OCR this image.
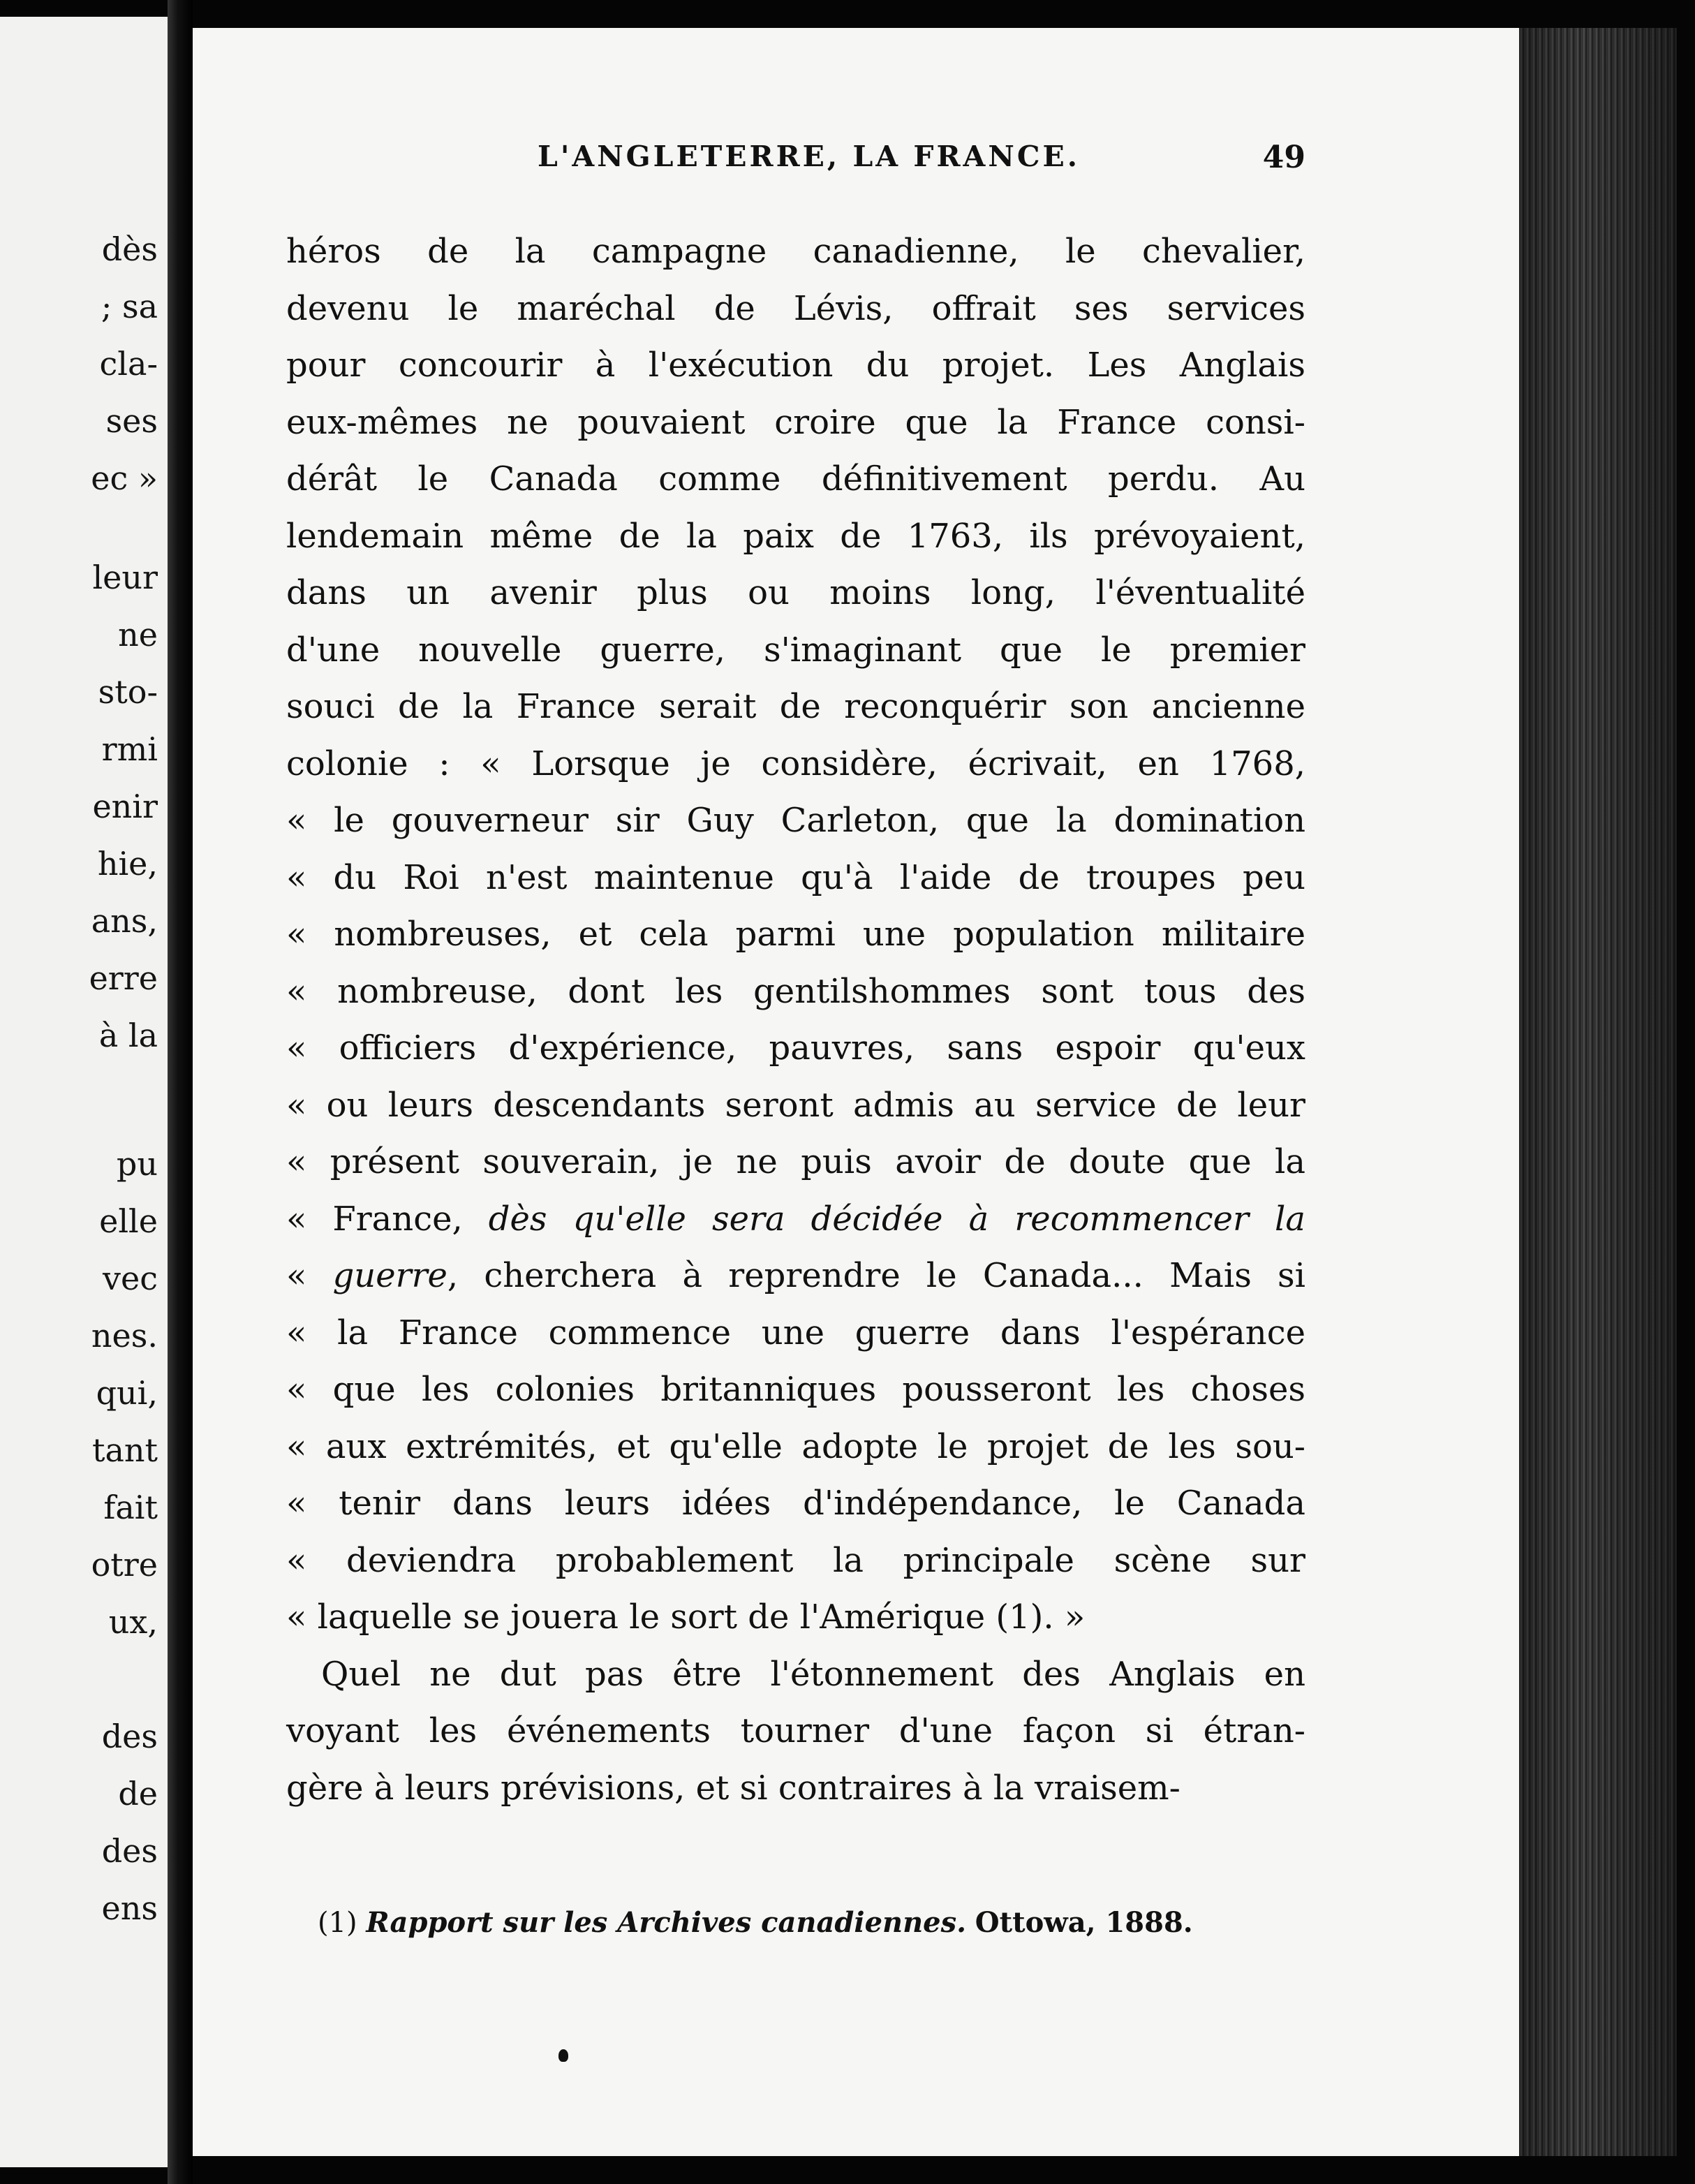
dès
; sa
cla-
ses
ec »
leur
ne
sto-
rmi
enir
hie,
ans,
erre
à la
pu
elle
vec
nes.
qui,
tant
fait
otre
ux,
des
de
des
ens
L'ANGLETERRE, LA FRANCE.	49
héros de la campagne canadienne, le chevalier,
devenu le maréchal de Lévis, offrait ses services
pour concourir à l'exécution du projet. Les Anglais
eux-mêmes ne pouvaient croire que la France consi-
dérât le Canada comme définitivement perdu. Au
lendemain même de la paix de 1763, ils prévoyaient,
dans un avenir plus ou moins long, l'éventualité
d'une nouvelle guerre, s'imaginant que le premier
souci de la France serait de reconquérir son ancienne
colonie : « Lorsque je considère, écrivait, en 1768,
« le gouverneur sir Guy Carleton, que la domination
« du Roi n'est maintenue qu'à l'aide de troupes peu
« nombreuses, et cela parmi une population militaire
« nombreuse, dont les gentilshommes sont tous des
« officiers d'expérience, pauvres, sans espoir qu'eux
« ou leurs descendants seront admis au service de leur
« présent souverain, je ne puis avoir de doute que la
« France, dès qu'elle sera décidée à recommencer la
« guerre, cherchera à reprendre le Canada... Mais si
« la France commence une guerre dans l'espérance
« que les colonies britanniques pousseront les choses
« aux extrémités, et qu'elle adopte le projet de les sou-
« tenir dans leurs idées d'indépendance, le Canada
« deviendra probablement la principale scène sur
« laquelle se jouera le sort de l'Amérique (1). »
Quel ne dut pas être l'étonnement des Anglais en
voyant les événements tourner d'une façon si étran-
gère à leurs prévisions, et si contraires à la vraisem-
(1) Rapport sur les Archives canadiennes. Ottowa, 1888.
